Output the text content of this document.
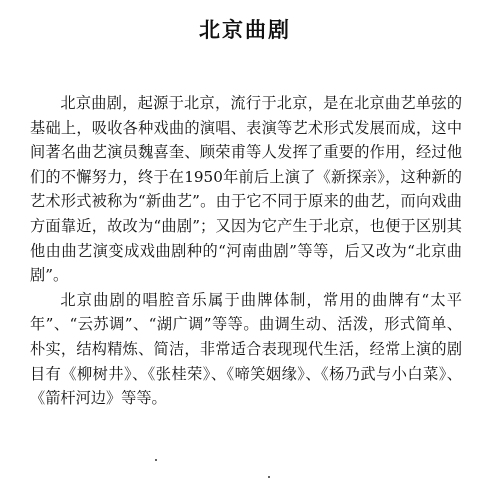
北京曲剧

北京曲剧，起源于北京，流行于北京，是在北京曲艺单弦的基础上，吸收各种戏曲的演唱、表演等艺术形式发展而成，这中间著名曲艺演员魏喜奎、顾荣甫等人发挥了重要的作用，经过他们的不懈努力，终于在1950年前后上演了《新探亲》，这种新的艺术形式被称为“新曲艺”。由于它不同于原来的曲艺，而向戏曲方面靠近，故改为“曲剧”；又因为它产生于北京，也便于区别其他由曲艺演变成戏曲剧种的“河南曲剧”等等，后又改为“北京曲剧”。

北京曲剧的唱腔音乐属于曲牌体制，常用的曲牌有“太平年”、“云苏调”、“湖广调”等等。曲调生动、活泼，形式简单、朴实，结构精炼、简洁，非常适合表现现代生活，经常上演的剧目有《柳树井》、《张桂荣》、《啼笑姻缘》、《杨乃武与小白菜》、《箭杆河边》等等。
